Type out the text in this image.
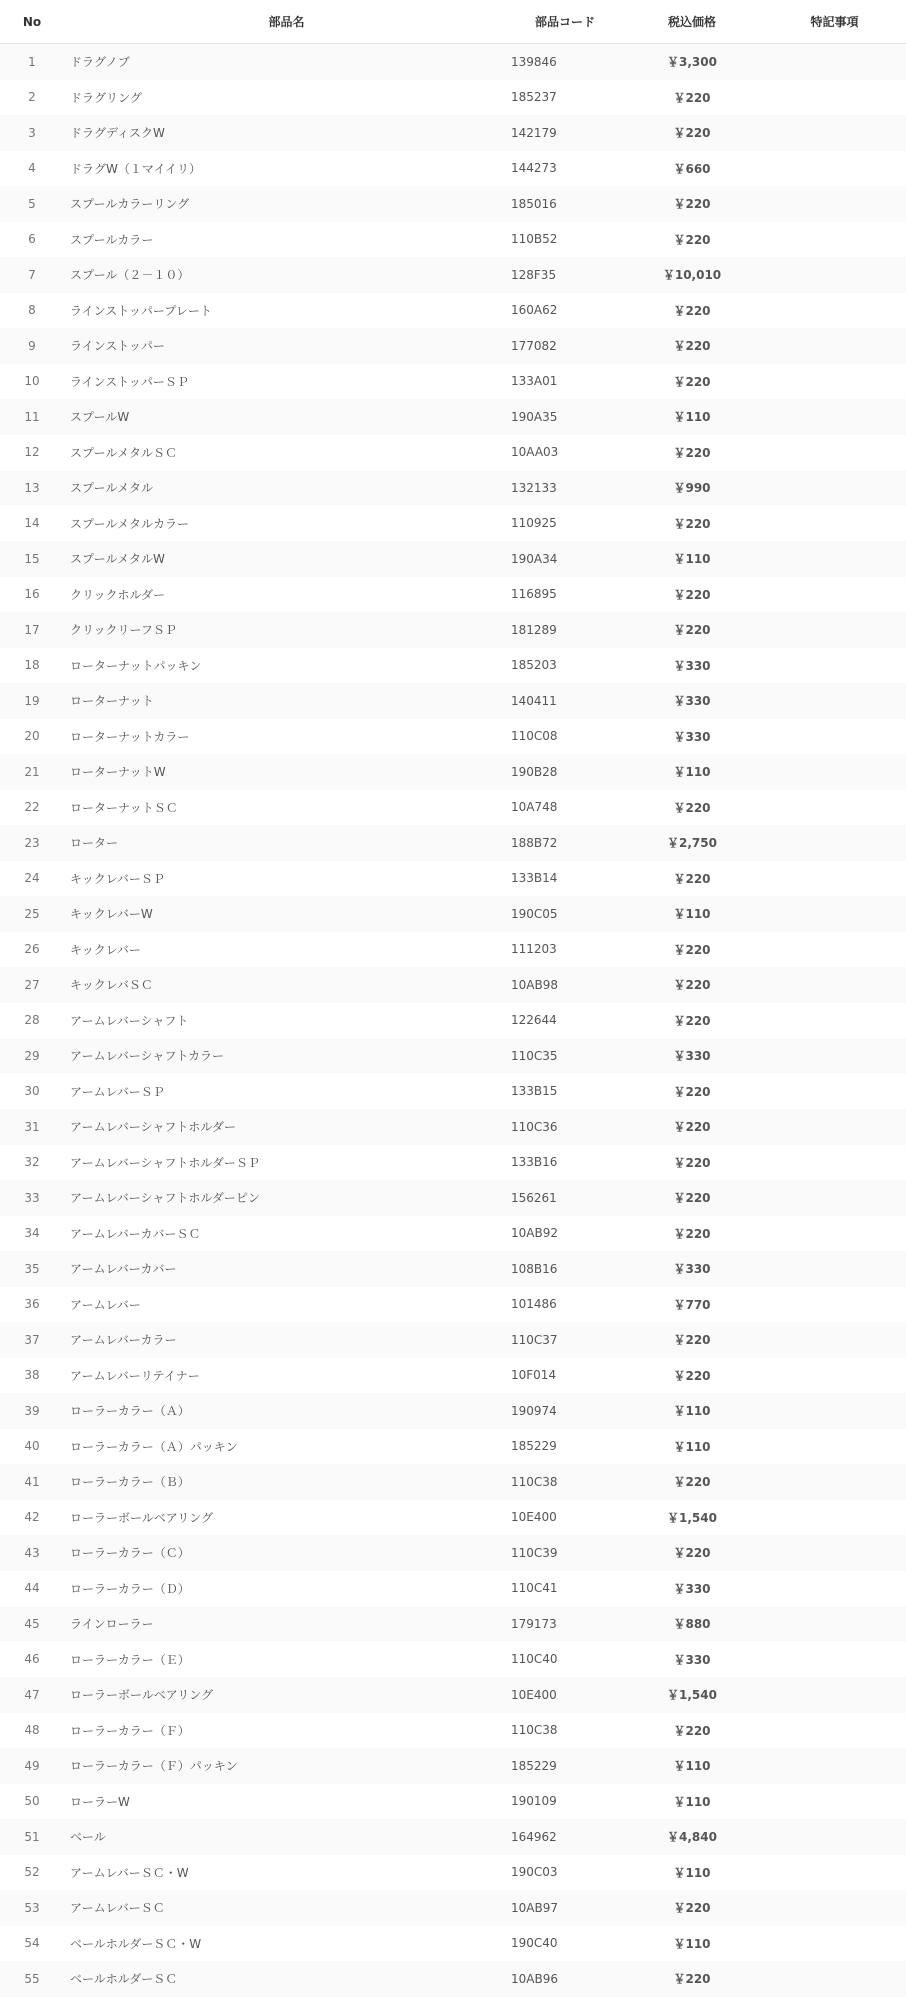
No	部品名	部品コード	税込価格	特記事項
1	ドラグノブ	139846	￥3,300	
2	ドラグリング	185237	￥220	
3	ドラグディスクW	142179	￥220	
4	ドラグW（１マイイリ）	144273	￥660	
5	スプールカラーリング	185016	￥220	
6	スプールカラー	110B52	￥220	
7	スプール（２－１０）	128F35	￥10,010	
8	ラインストッパープレート	160A62	￥220	
9	ラインストッパー	177082	￥220	
10	ラインストッパーＳＰ	133A01	￥220	
11	スプールW	190A35	￥110	
12	スプールメタルＳＣ	10AA03	￥220	
13	スプールメタル	132133	￥990	
14	スプールメタルカラー	110925	￥220	
15	スプールメタルW	190A34	￥110	
16	クリックホルダー	116895	￥220	
17	クリックリーフＳＰ	181289	￥220	
18	ローターナットパッキン	185203	￥330	
19	ローターナット	140411	￥330	
20	ローターナットカラー	110C08	￥330	
21	ローターナットW	190B28	￥110	
22	ローターナットＳＣ	10A748	￥220	
23	ローター	188B72	￥2,750	
24	キックレバーＳＰ	133B14	￥220	
25	キックレバーW	190C05	￥110	
26	キックレバー	111203	￥220	
27	キックレバＳＣ	10AB98	￥220	
28	アームレバーシャフト	122644	￥220	
29	アームレバーシャフトカラー	110C35	￥330	
30	アームレバーＳＰ	133B15	￥220	
31	アームレバーシャフトホルダー	110C36	￥220	
32	アームレバーシャフトホルダーＳＰ	133B16	￥220	
33	アームレバーシャフトホルダーピン	156261	￥220	
34	アームレバーカバーＳＣ	10AB92	￥220	
35	アームレバーカバー	108B16	￥330	
36	アームレバー	101486	￥770	
37	アームレバーカラー	110C37	￥220	
38	アームレバーリテイナー	10F014	￥220	
39	ローラーカラー（Ａ）	190974	￥110	
40	ローラーカラー（Ａ）パッキン	185229	￥110	
41	ローラーカラー（Ｂ）	110C38	￥220	
42	ローラーボールベアリング	10E400	￥1,540	
43	ローラーカラー（Ｃ）	110C39	￥220	
44	ローラーカラー（Ｄ）	110C41	￥330	
45	ラインローラー	179173	￥880	
46	ローラーカラー（Ｅ）	110C40	￥330	
47	ローラーボールベアリング	10E400	￥1,540	
48	ローラーカラー（Ｆ）	110C38	￥220	
49	ローラーカラー（Ｆ）パッキン	185229	￥110	
50	ローラーW	190109	￥110	
51	ベール	164962	￥4,840	
52	アームレバーＳＣ・W	190C03	￥110	
53	アームレバーＳＣ	10AB97	￥220	
54	ベールホルダーＳＣ・W	190C40	￥110	
55	ベールホルダーＳＣ	10AB96	￥220	
